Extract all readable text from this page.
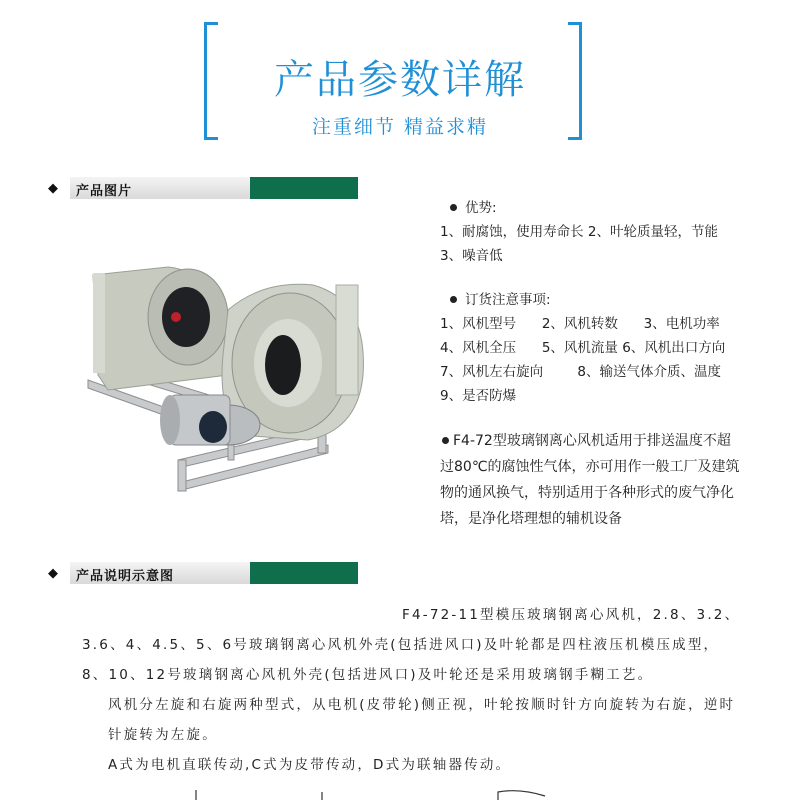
产品参数详解

注重细节 精益求精

◆ 产品图片

优势:

1、耐腐蚀，使用寿命长 2、叶轮质量轻，节能

3、噪音低

订货注意事项:

1、风机型号      2、风机转数      3、电机功率

4、风机全压      5、风机流量 6、风机出口方向

7、风机左右旋向        8、输送气体介质、温度

9、是否防爆

F4-72型玻璃钢离心风机适用于排送温度不超

过80℃的腐蚀性气体，亦可用作一般工厂及建筑

物的通风换气，特别适用于各种形式的废气净化

塔，是净化塔理想的辅机设备

◆ 产品说明示意图

F4-72-11型模压玻璃钢离心风机，2.8、3.2、3.6、4、4.5、5、6号玻璃钢离心风机外壳(包括进风口)及叶轮都是四柱液压机模压成型，8、10、12号玻璃钢离心风机外壳(包括进风口)及叶轮还是采用玻璃钢手糊工艺。

风机分左旋和右旋两种型式，从电机(皮带轮)侧正视，叶轮按顺时针方向旋转为右旋，逆时针旋转为左旋。

A式为电机直联传动,C式为皮带传动，D式为联轴器传动。
